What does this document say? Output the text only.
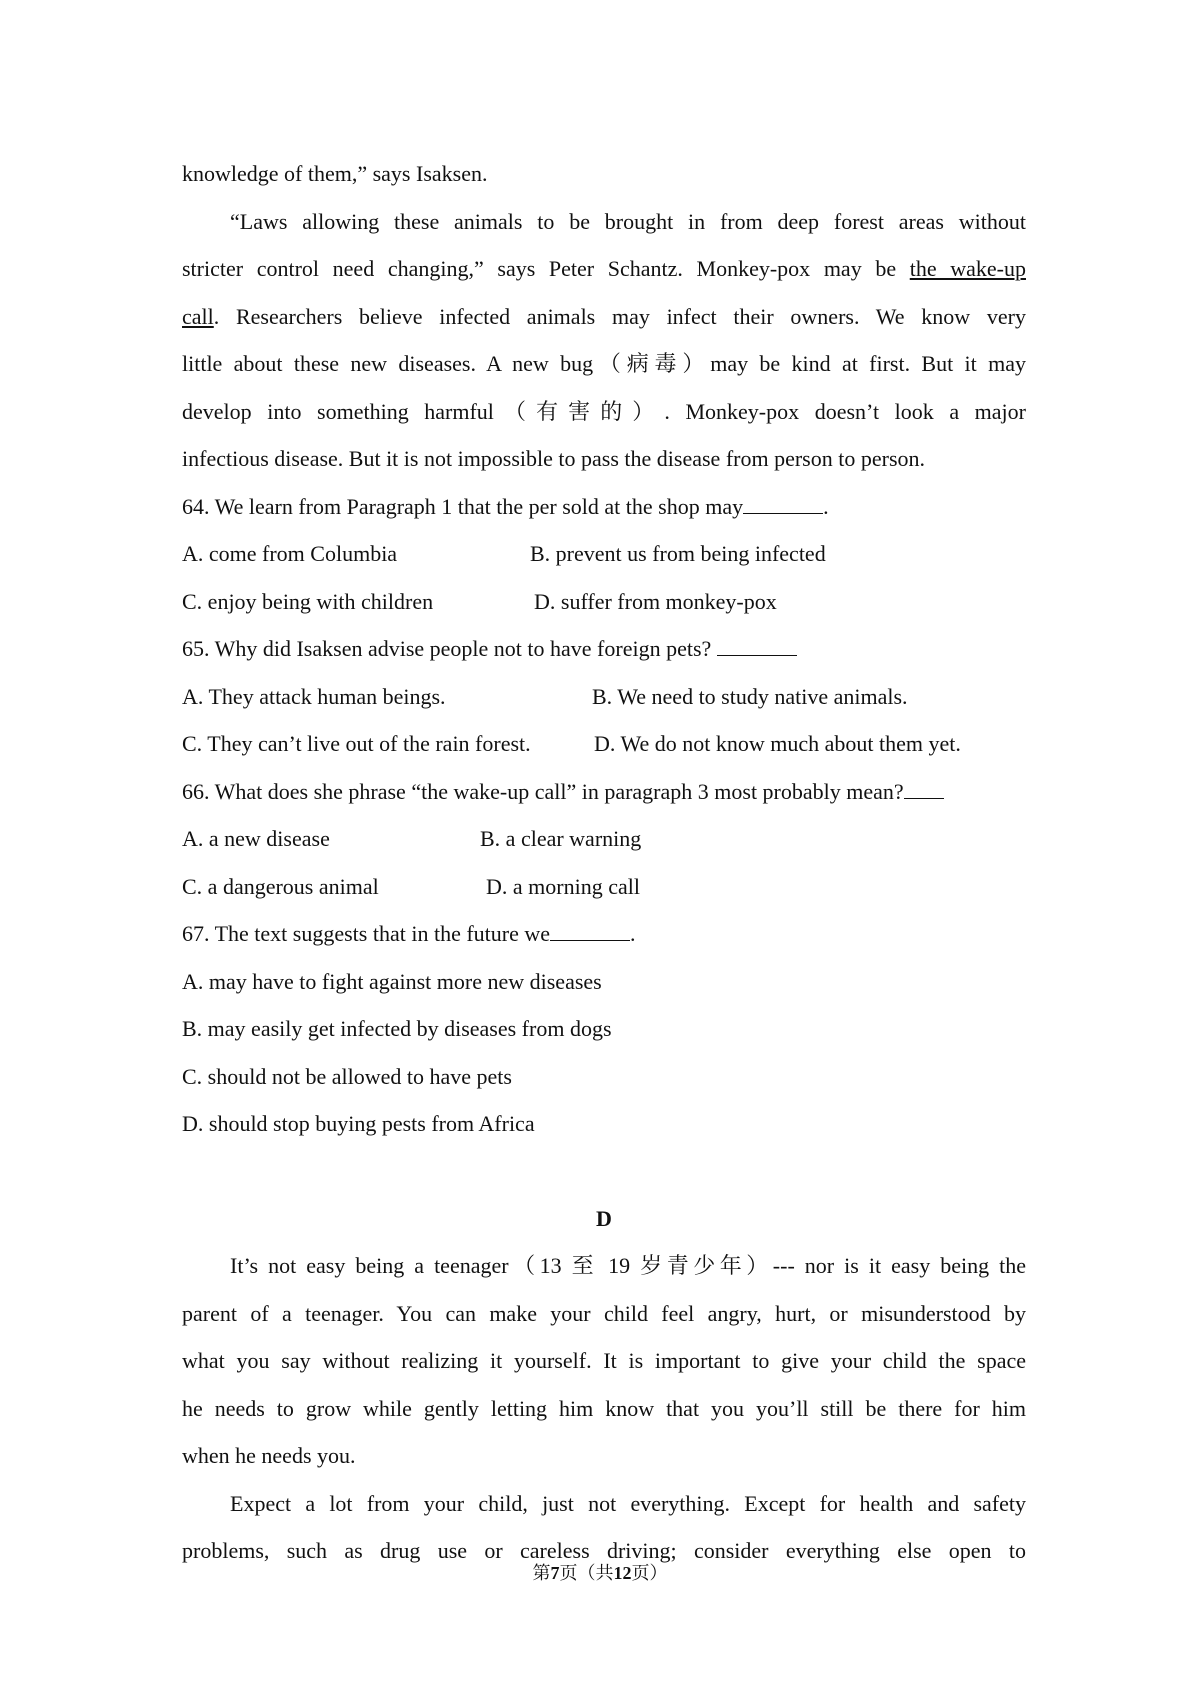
knowledge of them,” says Isaksen.
“Laws allowing these animals to be brought in from deep forest areas without
stricter control need changing,” says Peter Schantz. Monkey-pox may be the wake-up
call. Researchers believe infected animals may infect their owners. We know very
little about these new diseases. A new bug（病毒）may be kind at first. But it may
develop into something harmful（有害的）. Monkey-pox doesn’t look a major
infectious disease. But it is not impossible to pass the disease from person to person.
64. We learn from Paragraph 1 that the per sold at the shop may	.
A. come from Columbia	B. prevent us from being infected
C. enjoy being with children	D. suffer from monkey-pox
65. Why did Isaksen advise people not to have foreign pets?
A. They attack human beings.	B. We need to study native animals.
C. They can’t live out of the rain forest.	D. We do not know much about them yet.
66. What does she phrase “the wake-up call” in paragraph 3 most probably mean?
A. a new disease	B. a clear warning
C. a dangerous animal	D. a morning call
67. The text suggests that in the future we	.
A. may have to fight against more new diseases
B. may easily get infected by diseases from dogs
C. should not be allowed to have pets
D. should stop buying pests from Africa
D
It’s not easy being a teenager（13 至 19 岁青少年）--- nor is it easy being the
parent of a teenager. You can make your child feel angry, hurt, or misunderstood by
what you say without realizing it yourself. It is important to give your child the space
he needs to grow while gently letting him know that you you’ll still be there for him
when he needs you.
Expect a lot from your child, just not everything. Except for health and safety
problems, such as drug use or careless driving; consider everything else open to
第7页（共12页）
